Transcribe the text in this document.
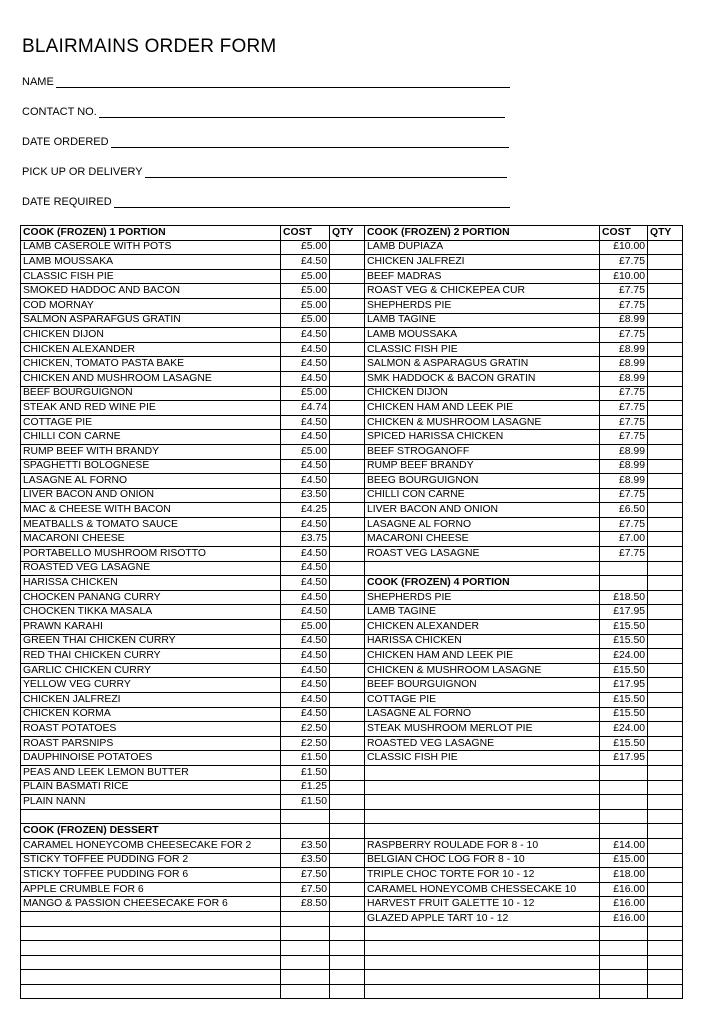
BLAIRMAINS ORDER FORM
NAME
CONTACT NO.
DATE ORDERED
PICK UP OR DELIVERY
DATE REQUIRED
COOK (FROZEN) 1 PORTION	COST	QTY	COOK (FROZEN) 2 PORTION	COST	QTY
LAMB CASEROLE WITH POTS	£5.00		LAMB DUPIAZA	£10.00	
LAMB MOUSSAKA	£4.50		CHICKEN JALFREZI	£7.75	
CLASSIC FISH PIE	£5.00		BEEF MADRAS	£10.00	
SMOKED HADDOC AND BACON	£5.00		ROAST VEG & CHICKEPEA CUR	£7.75	
COD MORNAY	£5.00		SHEPHERDS PIE	£7.75	
SALMON ASPARAFGUS GRATIN	£5.00		LAMB TAGINE	£8.99	
CHICKEN DIJON	£4.50		LAMB MOUSSAKA	£7.75	
CHICKEN ALEXANDER	£4.50		CLASSIC FISH PIE	£8.99	
CHICKEN, TOMATO PASTA BAKE	£4.50		SALMON & ASPARAGUS GRATIN	£8.99	
CHICKEN AND MUSHROOM LASAGNE	£4.50		SMK HADDOCK & BACON GRATIN	£8.99	
BEEF BOURGUIGNON	£5.00		CHICKEN DIJON	£7.75	
STEAK AND RED WINE PIE	£4.74		CHICKEN HAM AND LEEK PIE	£7.75	
COTTAGE PIE	£4.50		CHICKEN & MUSHROOM LASAGNE	£7.75	
CHILLI CON CARNE	£4.50		SPICED HARISSA CHICKEN	£7.75	
RUMP BEEF WITH BRANDY	£5.00		BEEF STROGANOFF	£8.99	
SPAGHETTI BOLOGNESE	£4.50		RUMP BEEF BRANDY	£8.99	
LASAGNE AL FORNO	£4.50		BEEG BOURGUIGNON	£8.99	
LIVER BACON AND ONION	£3.50		CHILLI CON CARNE	£7.75	
MAC & CHEESE WITH BACON	£4.25		LIVER BACON AND ONION	£6.50	
MEATBALLS & TOMATO SAUCE	£4.50		LASAGNE AL FORNO	£7.75	
MACARONI CHEESE	£3.75		MACARONI CHEESE	£7.00	
PORTABELLO MUSHROOM RISOTTO	£4.50		ROAST VEG LASAGNE	£7.75	
ROASTED VEG LASAGNE	£4.50				
HARISSA CHICKEN	£4.50		COOK (FROZEN) 4 PORTION		
CHOCKEN PANANG CURRY	£4.50		SHEPHERDS PIE	£18.50	
CHOCKEN TIKKA MASALA	£4.50		LAMB TAGINE	£17.95	
PRAWN KARAHI	£5.00		CHICKEN ALEXANDER	£15.50	
GREEN THAI CHICKEN CURRY	£4.50		HARISSA CHICKEN	£15.50	
RED THAI CHICKEN CURRY	£4.50		CHICKEN HAM AND LEEK PIE	£24.00	
GARLIC CHICKEN CURRY	£4.50		CHICKEN & MUSHROOM LASAGNE	£15.50	
YELLOW VEG CURRY	£4.50		BEEF BOURGUIGNON	£17.95	
CHICKEN JALFREZI	£4.50		COTTAGE PIE	£15.50	
CHICKEN KORMA	£4.50		LASAGNE AL FORNO	£15.50	
ROAST POTATOES	£2.50		STEAK MUSHROOM MERLOT PIE	£24.00	
ROAST PARSNIPS	£2.50		ROASTED VEG LASAGNE	£15.50	
DAUPHINOISE POTATOES	£1.50		CLASSIC FISH PIE	£17.95	
PEAS AND LEEK LEMON BUTTER	£1.50				
PLAIN BASMATI RICE	£1.25				
PLAIN NANN	£1.50				

COOK (FROZEN) DESSERT					
CARAMEL HONEYCOMB CHEESECAKE FOR 2	£3.50		RASPBERRY ROULADE FOR 8 - 10	£14.00	
STICKY TOFFEE PUDDING FOR 2	£3.50		BELGIAN CHOC LOG FOR 8 - 10	£15.00	
STICKY TOFFEE PUDDING FOR 6	£7.50		TRIPLE CHOC TORTE FOR 10 - 12	£18.00	
APPLE CRUMBLE FOR 6	£7.50		CARAMEL HONEYCOMB CHESSECAKE 10	£16.00	
MANGO & PASSION CHEESECAKE FOR 6	£8.50		HARVEST FRUIT GALETTE 10 - 12	£16.00	
			GLAZED APPLE TART 10 - 12	£16.00	
